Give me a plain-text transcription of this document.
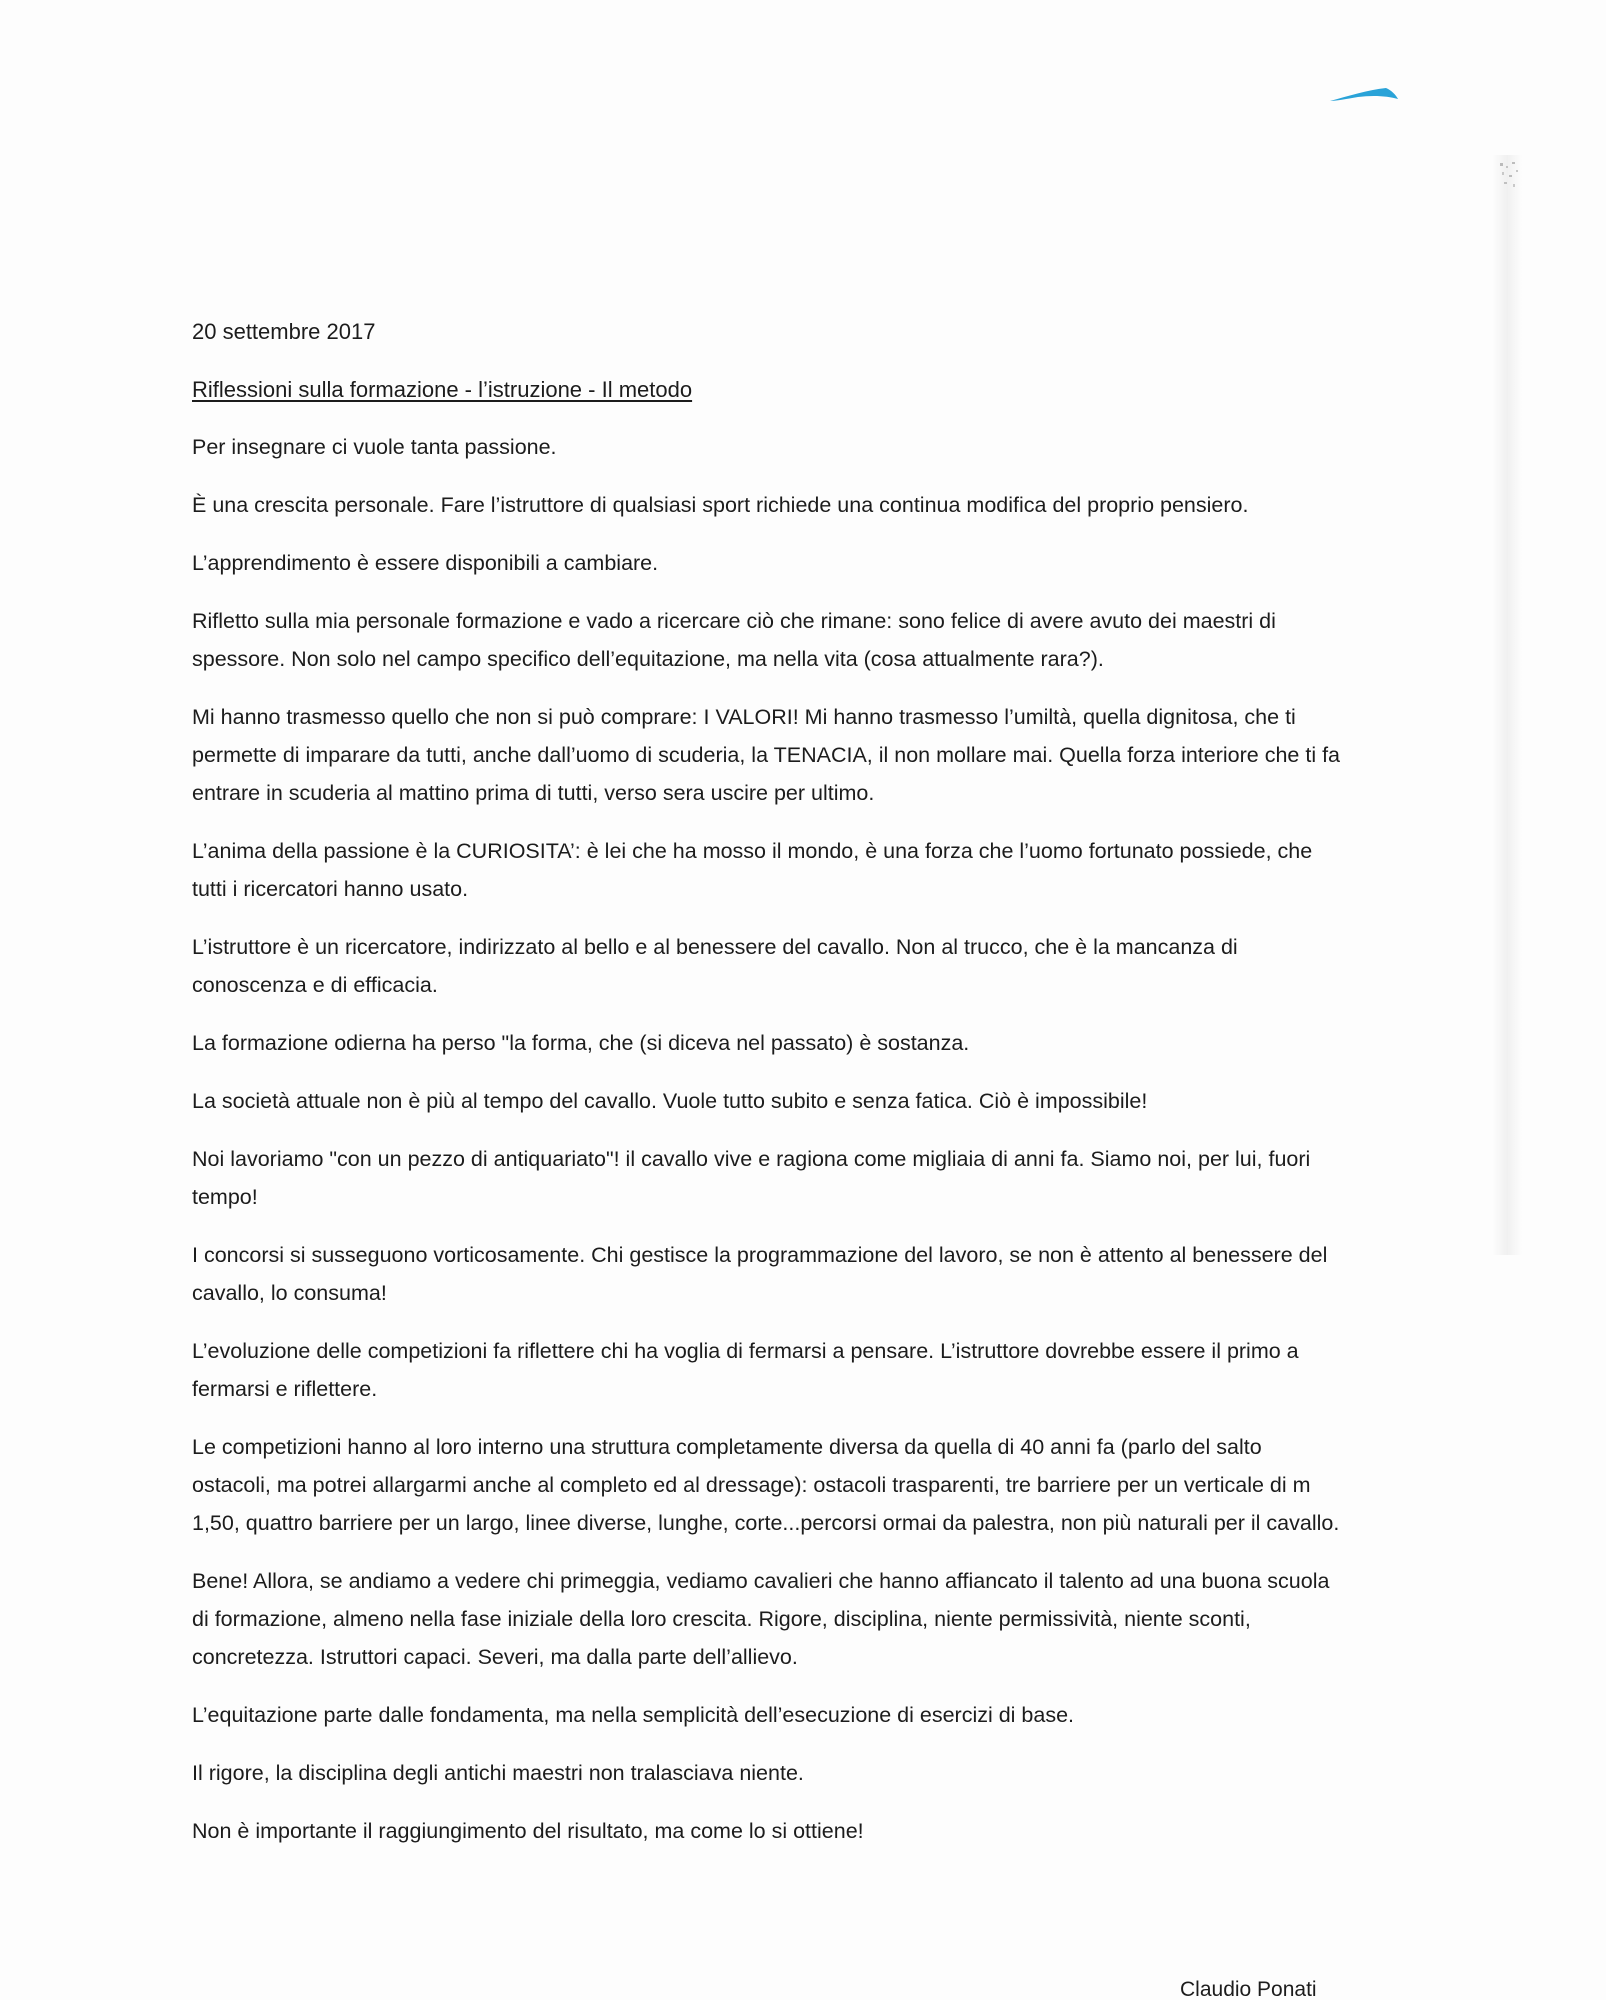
20 settembre 2017

Riflessioni sulla formazione - l’istruzione - Il metodo

Per insegnare ci vuole tanta passione.

È una crescita personale. Fare l’istruttore di qualsiasi sport richiede una continua modifica del proprio pensiero.

L’apprendimento è essere disponibili a cambiare.

Rifletto sulla mia personale formazione e vado a ricercare ciò che rimane: sono felice di avere avuto dei maestri di spessore. Non solo nel campo specifico dell’equitazione, ma nella vita (cosa attualmente rara?).

Mi hanno trasmesso quello che non si può comprare: I VALORI! Mi hanno trasmesso l’umiltà, quella dignitosa, che ti permette di imparare da tutti, anche dall’uomo di scuderia, la TENACIA, il non mollare mai. Quella forza interiore che ti fa entrare in scuderia al mattino prima di tutti, verso sera uscire per ultimo.

L’anima della passione è la CURIOSITA’: è lei che ha mosso il mondo, è una forza che l’uomo fortunato possiede, che tutti i ricercatori hanno usato.

L’istruttore è un ricercatore, indirizzato al bello e al benessere del cavallo. Non al trucco, che è la mancanza di conoscenza e di efficacia.

La formazione odierna ha perso "la forma, che (si diceva nel passato) è sostanza.

La società attuale non è più al tempo del cavallo. Vuole tutto subito e senza fatica. Ciò è impossibile!

Noi lavoriamo "con un pezzo di antiquariato"! il cavallo vive e ragiona come migliaia di anni fa. Siamo noi, per lui, fuori tempo!

I concorsi si susseguono vorticosamente. Chi gestisce la programmazione del lavoro, se non è attento al benessere del cavallo, lo consuma!

L’evoluzione delle competizioni fa riflettere chi ha voglia di fermarsi a pensare. L’istruttore dovrebbe essere il primo a fermarsi e riflettere.

Le competizioni hanno al loro interno una struttura completamente diversa da quella di 40 anni fa (parlo del salto ostacoli, ma potrei allargarmi anche al completo ed al dressage): ostacoli trasparenti, tre barriere per un verticale di m 1,50, quattro barriere per un largo, linee diverse, lunghe, corte...percorsi ormai da palestra, non più naturali per il cavallo.

Bene! Allora, se andiamo a vedere chi primeggia, vediamo cavalieri che hanno affiancato il talento ad una buona scuola di formazione, almeno nella fase iniziale della loro crescita. Rigore, disciplina, niente permissività, niente sconti, concretezza. Istruttori capaci. Severi, ma dalla parte dell’allievo.

L’equitazione parte dalle fondamenta, ma nella semplicità dell’esecuzione di esercizi di base.

Il rigore, la disciplina degli antichi maestri non tralasciava niente.

Non è importante il raggiungimento del risultato, ma come lo si ottiene!

Claudio Ponati
